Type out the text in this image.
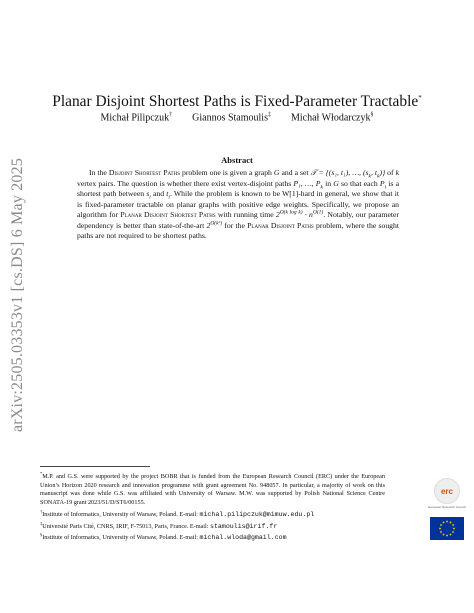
arXiv:2505.03353v1 [cs.DS] 6 May 2025
Planar Disjoint Shortest Paths is Fixed-Parameter Tractable*
Michał Pilipczuk† Giannos Stamoulis‡ Michał Włodarczyk§
Abstract

In the Disjoint Shortest Paths problem one is given a graph G and a set 𝒯 = {(s₁, t₁), …, ($s_k$, $t_k$)} of k vertex pairs. The question is whether there exist vertex-disjoint paths P₁, …, $P_k$ in G so that each $P_i$ is a shortest path between $s_i$ and $t_i$. While the problem is known to be W[1]-hard in general, we show that it is fixed-parameter tractable on planar graphs with positive edge weights. Specifically, we propose an algorithm for Planar Disjoint Shortest Paths with running time $2^{O(k log k)} \cdot n^{O(1)}$. Notably, our parameter dependency is better than state-of-the-art $2^{O(k^2)}$ for the Planar Disjoint Paths problem, where the sought paths are not required to be shortest paths.

*M.P. and G.S. were supported by the project BOBR that is funded from the European Research Council (ERC) under the European Union’s Horizon 2020 research and innovation programme with grant agreement No. 948057. In particular, a majority of work on this manuscript was done while G.S. was affiliated with University of Warsaw. M.W. was supported by Polish National Science Centre SONATA-19 grant 2023/51/D/ST6/00155.

†Institute of Informatics, University of Warsaw, Poland. E-mail: michal.pilipczuk@mimuw.edu.pl

‡Université Paris Cité, CNRS, IRIF, F-75013, Paris, France. E-mail: stamoulis@irif.fr

§Institute of Informatics, University of Warsaw, Poland. E-mail: michal.wloda@gmail.com

erc
European Research Council
